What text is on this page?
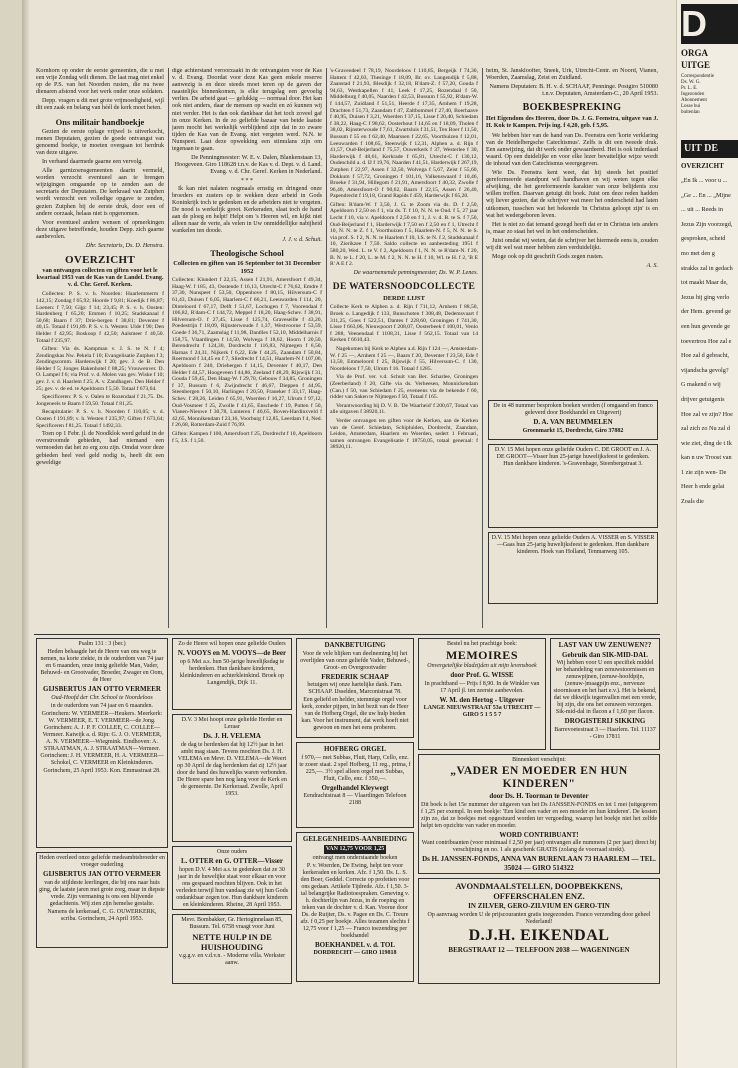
Kornhorn op onder de eerste gemeenten, die u met een vrije Zondag wilt dienen. De laat mag niet enkel op de P.S. van het Noorden rusten, die nu twee dienaren afstond voor het werk onder onze soldaten.

Depp. vragen u dit met grote vrijmoedigheid, wijl dit een zaak en belang van héél de kerk moet heten.

Ons militair handboekje

Gezien de eerste oplage vrijwel is uitverkocht, menen Deputaten, gezien de goede ontvangst van genoemd boekje, te moeten overgaan tot herdruk van deze uitgave.

In verband daarmede gaarne een vervolg.

Alle garnizoensgemeenten daarin vermeld, worden verzocht eventueel aan te brengen wijzigingen omgaande op te zenden aan de secretaris der Deputaten. De kerkraad van Zutphen wordt verzocht een volledige opgave te zenden, gezien Zutphen bij de eerste druk, door een of andere oorzaak, helaas niet is opgenomen.

Voor eventueel andere wensen of opmerkingen deze uitgave betreffende, houden Depp. zich gaarne aanbevolen.

Dhr. Secretaris, Ds. D. Henstra.
OVERZICHT

van ontvangen collecten en giften voor het le kwartaal 1953 van de Kas van de Landel. Evang. v. d. Chr. Geref. Kerken.

Collecten: P. S. v. h. Noorden: Haarlemmerm f 142,15; Zondag f 65,92; Hoorde f 9,81; Koedijk f 86,87; Loenen: f 7,50; Gijp: f 14; 23,45; P. S. v. h. Oosten: Hardenberg f 65,20; Emmen f 10,25; Stadskanaal f 50,68; Baarn f 37; Drie-bergen f 38,81; Deventer f 40,15. Totaal f 191,89. P. S. v. h. Westen: Ulde f 90; Den Helder f 42,95; Boskoop f 42,50; Aalsmeer f 40,50. Totaal f 235,97.

Giften: Via ds. Kampman v. J. S. te N. f 4; Zendingskas Nw. Pekela f 10; Evangelisatie Zutphen f 3; Zendingscomm. Hardenwijk f 20; gev. J. de B. Den Helder f 5; Jonges Bakenhotel f 88,25; Vrouwenver. D. O. Lampel f 6; via Prof. v. d. Molen van gev. Wiske f 10; gev. J. v. d. Haarlem f 25; A. v. Zandhagen. Den Helder f 25; gev. v. de ed. te Apeldoorn f 5,50. Totaal f 673,64.

Specificeren: P. S. v. Oalen te Rozendaal f 21,75. Ds. Jongeneels te Baarn f 59,50. Totaal f 81,25.

Recapitulatie: P. S. v. h. Noorden f 110,05; v. d. Oosten f 191,89; v. h. Westen f 235,97; Giften f 673,64; Specificeren f 81,25. Totaal f 1492,33.

Toen op 1 Febr. jl. de Noodklok werd geluid in de overstroomde gebieden, had niemand een vermoeden dat het zo erg zou zijn. Omdat voor deze gebieden heel veel geld nodig is, heeft dit een geweldige

dige achterstand veroorzaakt in de ontvangsten voor de Kas v. d. Evang. Doordat voor deze Kas geen enkele reserve aanwezig is en deze steeds moet teren op de gaven der naastelijks binnenkomen, is elke terugslag een gevoelig verlies. De arbeid gaat — gelukkig — normaal door. Het kan ook niet anders, daar de mensen op wacht en zó kunnen wij niet verder. Het is dan ook dankbaar dat het toch zoveel gaf in onze Kerken. In de zo geliefde bazaar van beide laatste jaren mocht het werkelijk verblijdend zijn dat in zo zware tijden de Kas van de Evang. niet vergeten werd. N.N. te Nunspeet. Laat deze opwekking een stimulans zijn om tegenaan te gaan.

De Penningmeester: W. E. v. Dalen, Blankenstaan 13, Hoogeveen. Giro 118628 t.n.v. de Kas v. d. Dept. v. d. Land. Evang. v. d. Chr. Geref. Kerken in Nederland.

* * *

Ik kan niet nalaten nogmaals ernstig en dringend onze broeders en zusters op te wekken deze arbeid in Gods Koninkrijk toch te gedenken en de arbeiders niet te vergeten. De nood is werkelijk groot. Kerkeraden, slaat toch de hand aan de ploeg en helpt! Helpt om 's Heeren wil, en kijkt niet alleen naar de verte, als velen in Uw onmiddellijke nabijheid wankelen ten doode.

J. J. v. d. Schuit.
Theologische School
Collecten en giften van 16 September tot 31 December 1952

Collecten: Klundert f 22,15, Assen f 21,91, Amersfoort f 49,34, Haag-W. f 185, 43, Oostende f 16,13, Utrecht-C f 76,62, Emdre f 37,30, Nunspeet f 53,50, Oppenhove f 80,15, Hilversum-C f 61,43, Duisen f 6,05, Haarlem-C f 66,21, Leeuwarden f 114, 20, Dinteloord f 67,17, Delft f 51,67, Lochugen f 7, Voorendaal f 106,82, R'dam-C f 144,72, Meppel f 18,20, Haag-Schev. f 38,91, Hilversum-O. f 27,45, Lisse f 125,74, Graveseille f 43,20, Poedestrijn f 18,09, Rijnsterwoude f 1,37, Westvoorne f 53,59, Goede f 36,71, Zaamslag f 11,98, Dantlles f 52,10, Middelharnis f 158,75, Vlaardingen f 14,50, Wolvega f 18,62, Hoorn f 20,50, Berendrecht f 124,30, Dordrecht f 116,83, Nijmegen f 6,50, Harnas f 24,31, Nijkerk f 6,22, Ede f 44,25, Zaandam f 50,84, Roermond f 34,45 en f 7, Sliedrecht f 14,51, Haarlem-N f 107,06, Apeldoorn f 240, Driebergen f 14,15, Deventer f 40,17, Den Helder f 44,57, Hoogeveen f 44,86, Zeeland f 48,29, Rijswijk f 31, Gouda f 59,45, Den Haag-W. f 29,70, Gebouw f 34,85, Groningen f 37, Bussum f 6, Zwijndrecht f 46,67, Dieppen f 44,95, Steenbergen f 50,10, Harlingen f 20,50, Franeker f 33,17, Haag-Schev. f 28,26, Leiden f 65,91, Woerden f 16,27, Ulrum f 97,12, Oud-Vosmeer f 25, Zwolle f 41,65, Enschede f 19, Putten f 50, Vianen-Nieuwe f 30,78, Lunteren f 40,65, Boven-Hardinxveld f 42,65, Monnikendam f 23,16, Voorburg f 12,85, Leerdam f 4, Ned. f 26,68, Rotterdam-Zuid f 76,99.

Giften: Kampen f 100, Amersfoort f 25, Dordrecht f 10, Apeldoorn f 5, J.S. f 1,50.

's-Gravendeel f 78,19, Noordeloos f 110,85, Bergeijk f 74,30, Hattem f 42,03, Thesinge f 18,09, Br. ov. Langendijk f 5,88, Zaanstad f 21,93, Blesdijk f 32,18, R'dam-Z. f 57,20, Gouda f 94,63, Westkapellen f 41, Leek f 17,25, Rozendaal f 50, Middelburg f 40,05, Naarden f 42,53, Bussum f 55,92, R'dam-W. f 144,57, Zuidland f 51,51, Heerde f 17,35, Arnhem f 19,28, Drachten f 51,73, Zaandam f 47, Zaltbommel f 27,40, Boerhaave f 40,95, Duisen f 3,21, Woerden f 37,15, Lisse f 20,40, Schiedam f 38,22, Haag-C f 98,62, Oosterhout f 14,65 en f 18,09, Tholen f 38,02, Rijnsterwoude f 7,61, Zwartsluis f 31,51, Ten Boer f 11,50, Bussum f 55 en f 62,40, Maarssen f 22,65, Voorthuizen f 12,01, Leeuwarden f 108,65, Steenwijk f 12,31, Alphen a. d. Rijn f 41,57, Oud-Beijerland f 75,57, Ouwerkerk f 37, Westerlee f 30, Harderwijk f 48,61, Kerkrade f 65,81, Utrecht-C f 130,12, Oudeschild a. d. IJ f 19,76, Naarden f 41,51, Harderwijk f 267,19, Zutphen f 22,97, Assen f 32,50, Wolvega f 5,67, Zeist f 55,60, Dokkum f 57,72, Groningen f 101,16, Valkenswaard f 10,46, Broeke f 31,94, Hillegom f 21,91, Amersfoort f 40,32, Zwolle f 96,40, Amersfoort-O f 90,62, Baarn f 22,15, Assen f 26,40, Papendrecht f 19,18, Grand Rapids f 459, Harderwijk f 65,20.

Giften: R'dam-W. f 3,50, J. G. te Zoom via ds. D. f 2,50, Apeldoorn f 2,50 en f 1, via ds. T. f 10, N. N. te Oud. f 5, 27 jaar Lecht f 10, via v. Apeldoorn f 2,50 en f 1, J. v. d. B. te S. f 7,50, Oud-Beijerland f 1, Harderwijk f 7,50 en f 2,50 en f 1, Utrecht f 10, N. N. te Z. f 1, Voorthuizen f 5, Haarlem-N. f 5, N. N. te S. via prof. S. f 2, N. N. te Haarlem f 10, I.S. te N. f 2, Stadskanaal f 10, Zierikzee f 7,50. Saldo collecte en aanbesteding 1951 f 580,20, Wed. L. te V. f 2, Apeldoorn f 1, N. N. te R'dam-N. f 20, B. N. te L. f 20, L. te M. f 2, N. N. te H. f 10, Wl. te H. f 2, 'B E R' A E f 2.

De waarnemende penningmeester, Ds. W. P. Lenes.
DE WATERSNOODCOLLECTE
DERDE LIJST

Collecte Kerk te Alphen a. d. Rijn f 711,12, Arnhem f 88,50, Broek o. Langedijk f 133, Bunschoten f 308,48, Dedemsvaart f 311,25, Goes f 522,51, Dantes f 228,60, Groningen f 741,30, Lisse f 663,06, Nieuwpoort f 208,07, Oosterbeek f 100,01, Venlo f 288, Veenendaal f 1108,31, Lisse f 562,15. Totaal van 14 Kerken f 6610,43.

Nagekomen bij Kerk te Alphen a.d. Rijn f 124 —, Amsterdam-W. f 25 —, Arnhem f 25 —, Baarn f 20, Deventer f 23,50, Ede f 13,50, Emmeloord f 25, Rijswijk f 55, Hilversum-C. f 130, Noordeloos f 7,50, Ulrum f 16. Totaal f 1285.

Via de Prof. ver. v.d. Schuit van Ber. Scharlee, Groningen (Zeerberland) f 20, Gifte via ds. Verheesen, Monnickendam (Can.) f 50, van Schiedam f 25, eveneens via de bekende f 60, ridder van Saken te Nijmegen f 50, Totaal f 165.

Verantwoording bij D. V. B. 'De Waarheid' f 200,67, Totaal van alle uitgaven f 38920,11.

Verder ontvangen ten giften voor de Kerken, aan de Kerken van de Geref. Schiedam, Schipluiden, Dordrecht, Zaandam, Leiden, Amsterdam, Haarlem en Woerden, sedert 1 Februari, samen ontvangen Evangelisatie f 18750,05, totaal generaal: f 38920,11.

heim, St. Janskloofter, Sneek, Urk, Utrecht-Centr. en Noord, Vianen, Woerden, Zaamslag, Zeist en Zuidland.

Namens Deputaten: B. H. v. d. SCHAAF, Penninge. Postgiro 510080 t.n.v. Deputaten, Amsterdam-C., 20 April 1953.

BOEKBESPREKING

Het Eigendom des Heeren, door Ds. J. G. Feenstra, uitgave van J. H. Kok te Kampen. Prijs ing. f 4,20, geb. f 5,95.

We hebben hier van de hand van Ds. Feenstra een 'korte verklaring van de Heidelbergsche Catechismus'. Zelfs is dit een tweede druk. Een aanwijzing, dat dit werk onder gewaardeerd. Het is ook inderdaad waard. Op een duidelijke en voor elke lezer bevattelijke wijze wordt de inhoud van den Catechismus weergegeven.

Wie Ds. Feenstra kent weet, dat hij steeds het positief gereformeerde standpunt wil handhaven en wij weten tegen elke afwijking, die het gereformeerde karakter van onze belijdenis zou willen treffen. Daarvan getuigt dit boek. Juist om deze reden hadden wij liever gezien, dat de schrijver wat meer het onderscheid had laten uitkomen, tusschen wat het bekeerde 'in Christus geloopt zijn' is en wat het wedergeboren leven.

Het is niet zo dat iemand gezegd heeft dat er in Christus iets anders is, maar zo staat het wel in het onderscheiden.

Juist omdat wij weten, dat de schrijver het hiermede eens is, zouden wij dit wel wat meer hebben zien verduidelijkt.

Moge ook op dit geschrift Gods zegen rusten.

A. S.

De in 48 nummer besproken boeken worden (f omgaand en franco geleverd door Boekhandel en Uitgeverij

D. A. VAN BEUMMELEN

Groenmarkt 15, Dordrecht, Giro 37882

D.V. 15 Mei hopen onze geliefde Ouders C. DE GROOT en J. A. DE GROOT—Visser hun 25-jarige huwelijksfeest te gedenken. Hun dankbare kinderen. 's-Gravenhage, Steenbergstraat 3.

D.V. 15 Mei hopen onze geliefde Ouders A. VISSER en S. VISSER—Gaas hun 25-jarig huwelijksfeest te gedenken. Hun dankbare kinderen. Hoek van Holland, Tenmanweg 105.

Psalm 131 : 3 (ber.)

Heden behaagde het de Heere van ons weg te nemen, na korte ziekte, in de ouderdom van 74 jaar en 6 maanden, onze innig geliefde Man, Vader, Behuwd- en Grootvader, Broeder, Zwager en Oom, de Heer

GIJSBERTUS JAN OTTO VERMEER

Oud-Hoofd der Chr. School te Noordeloos

in de ouderdom van 74 jaar en 6 maanden.

Gorinchem: W. VERMEER—Heukers. Meerkerk: W. VERMEER, E. T. VERMEER—de Jong. Gorinchem: A. J. P. F. COLLEE, C. COLLEE—Vermeer. Katwijk a. d. Rijn: G. J. O. VERMEER, A. N. VERMEER—Wiegmink. Eindhoven: A. STRAATMAN, A. J. STRAATMAN—Vermeer. Gorinchem: J. H. VERMEER, H. A. VERMEER—Schokel, C. VERMEER en Kleinkinderen.

Gorinchem, 25 April 1953. Kon. Emmastraat 28.

Heden overleed onze geliefde medeambtsbroeder en vroeger ouderling

GIJSBERTUS JAN OTTO VERMEER

van de stijldeste leerlingen, die bij ons naar huis ging, de laatste jaren met grote zorg, maar in diepste vrede. Zijn vermaning is ons een blijvende gedachtenis. Wij zien zijn hemelse gestalte.

Namens de kerkeraad, C. G. OUWERKERK, scriba. Gorinchem, 24 April 1953.

Zo de Heere wil hopen onze geliefde Ouders

N. VOOYS en M. VOOYS—de Beer

op 6 Mei a.s. hun 50-jarige huwelijksdag te herdenken. Hun dankbare kinderen, kleinkinderen en achterkleinkind. Broek op Langendijk, Dijk 11.

D.V. 3 Mei hoopt onze geliefde Herder en Leraar

Ds. J. H. VELEMA

de dag te herdenken dat hij 12½ jaar in het ambt mag staan. Tevens mochten Ds. J. H. VELEMA en Mevr. D. VELEMA—de Weert op 30 April de dag herdenken dat zij 12½ jaar door de band des huwelijks waren verbonden. De Heere spare hen nog lang voor de Kerk en de gemeente. De Kerkeraad. Zwolle, April 1953.

Onze ouders

L. OTTER en G. OTTER—Visser

hopen D.V. 4 Mei a.s. te gedenken dat ze 30 jaar in de huwelijke staat voor elkaar en voor ons gespaard mochten blijven. Ook in het verleden terwijl hun vandaag zie wij hun Gods ondankbaar zegen toe. Hun dankbare kinderen en kleinkinderen. Rheine, 28 April 1953.

Mevr. Bombakker, Gr. Hertoginnelaan 85, Bussum. Tel. 6758 vraagt voor Juni

NETTE HULP IN DE HUISHOUDING

v.g.g.v. en v.d.v.n. - Moderne villa. Werkster aanw.

DANKBETUIGING

Voor de vele blijken van deelneming bij het overlijden van onze geliefde Vader, Behuwd-, Groot- en Overgrootvader

FREDERIK SCHAAP

betuigen wij onze hartelijke dank. Fam. SCHAAP. IJsselden, Marconistraat 78.

Een geliefd en helder, stemmige orgel voor kerk, zonder pijpen, in het bezit van de Heer van de Hofberg Orgel, die uw hulp bieden kan. Voor het instrument, dat werk hoeft niet gewoon en men het eens proberen.

HOFBERG ORGEL

f 970,— met Subbas, Fluit, Harp, Cello, enz. te zoeer staat. 2 spel Hofberg, 11 reg., prima, f 225,—. 3½ spel alleen orgel met Subbas, Fluit, Cello, enz. f 350,—.

Orgelhandel Kleywegt

Eendrachtstraat 8 — Vlaardingen Telefoon 2188

GELEGENHEIDS-AANBIEDING

VAN 12,75 VOOR 1,25

ontvangt men onderstaande boeken

P. v. Woerden, De Ewing, helpt ten voor kerkeraden en kerken. Afz. f 1,50. Ds. L. S. den Boer, Geddel. Correcte op profetien voor ons gedaan. Artikele Tijdrede. Afz. f 1,50. 3-tal belangrijke Radiotoespraken. Geneving v. h. dochterlijn van Jezus, in de roeping en teken van de dochter v. d. Kan. Voorue door Ds. de Ruijter, Ds. v. Pagee en Ds. C. Treure afz. f 0,25 per boekje. Alles tezamen slechts f 12,75 voor f 1,25 — Franco toezending per boekhandel

BOEKHANDEL v. d. TOL

DORDRECHT — GIRO 119818

Bestel nu het prachtige boek:

MEMOIRES

Onvergetelijke bladzijden uit mijn levensboek

door Prof. G. WISSE

In prachtband — Prijs f 8,90. In de Winkler van 17 April jl. ten zeerste aanbevolen.

W. M. den Hertog - Uitgever

LANGE NIEUWSTRAAT 53a UTRECHT — GIRO 5 1 5 5 7

LAST VAN UW ZENUWEN??

Gebruik dan SIK-MID-DAL

Wij hebben voor U een specifiek middel ter behandeling van zenuwstoornissen en zenuwpijnen, (zenuw-hoofdpijn, (zenuw-)maagpijn enz., nerveuze stoornissen en het hart e.v.). Het is bekend, dat we dikwijls tegenvallen met een vrede, bij zijn, die ons het zenuwen verzorgen. Sik-mid-dal in flacon a f 1,60 per flacon.

DROGISTERIJ SIKKING

Barrevoetestraat 3 — Haarlem. Tel. 11137 - Giro 17811

Binnenkort verschijnt:

„VADER EN MOEDER EN HUN KINDEREN"

door Ds. H. Toorman te Deventer

Dit boek is het 15e nummer der uitgaven van het Ds JANSSEN-FONDS en tot 1 mei (uitgegeven f 1,25 per exempl. In een boekje: 'Een kind een vader en een moeder en hun kinderen'. De kosten zijn zo, dat ze boekjes met opgestuurd worden ter vergoeding, waarop het boekje niet het zelfde helpt ten opzichte van vader en moeder.

WORD CONTRIBUANT!

Want contribuanten (voor minimaal f 2,50 per jaar) ontvangen alle nummers (2 per jaar) direct bij verschijning en no. 1 als geschenk GRATIS (zolang de voorraad strekt).

Ds H. JANSSEN-FONDS, ANNA VAN BURENLAAN 73 HAARLEM — TEL. 35024 — GIRO 514322

AVONDMAALSTELLEN, DOOPBEKKENS, OFFERSCHALEN ENZ.

IN ZILVER, GERO-ZILVIUM EN GERO-TIN

Op aanvraag worden U de prijscouranten gratis toegezonden. Franco verzending door geheel Nederland!

D.J.H. EIKENDAL

BERGSTRAAT 12 — TELEFOON 2038 — WAGENINGEN

D
ORGA
UITGE
Correspondentie
Ds. W. G.
Pr. L. E.
Ingezonden
Abonnement
Losse bui
buitenlan
UIT DE
OVERZICHT
„En Ik ... voor u ... „Ge ... En ... „Mijne ... uit ... Reeds in Jezus Zijn voorzegd, gesproken, scheid mo met den g strakks zal in gedach tot maakt Maar de, Jezus bij ging verlo der Hem. gevend ge een hun gevende ge toevertrou Hoe zal e Hoe zal d gebracht, vijandscha gevolg? G makend o wij drijver getuigenis Hoe zal ve zijn? Hoe zal zich zo Nu zal d wie ziet, ding de t Ik kan n uw Troost van 1 zie zijn wen- De Heer h ende gelai Zoals die
